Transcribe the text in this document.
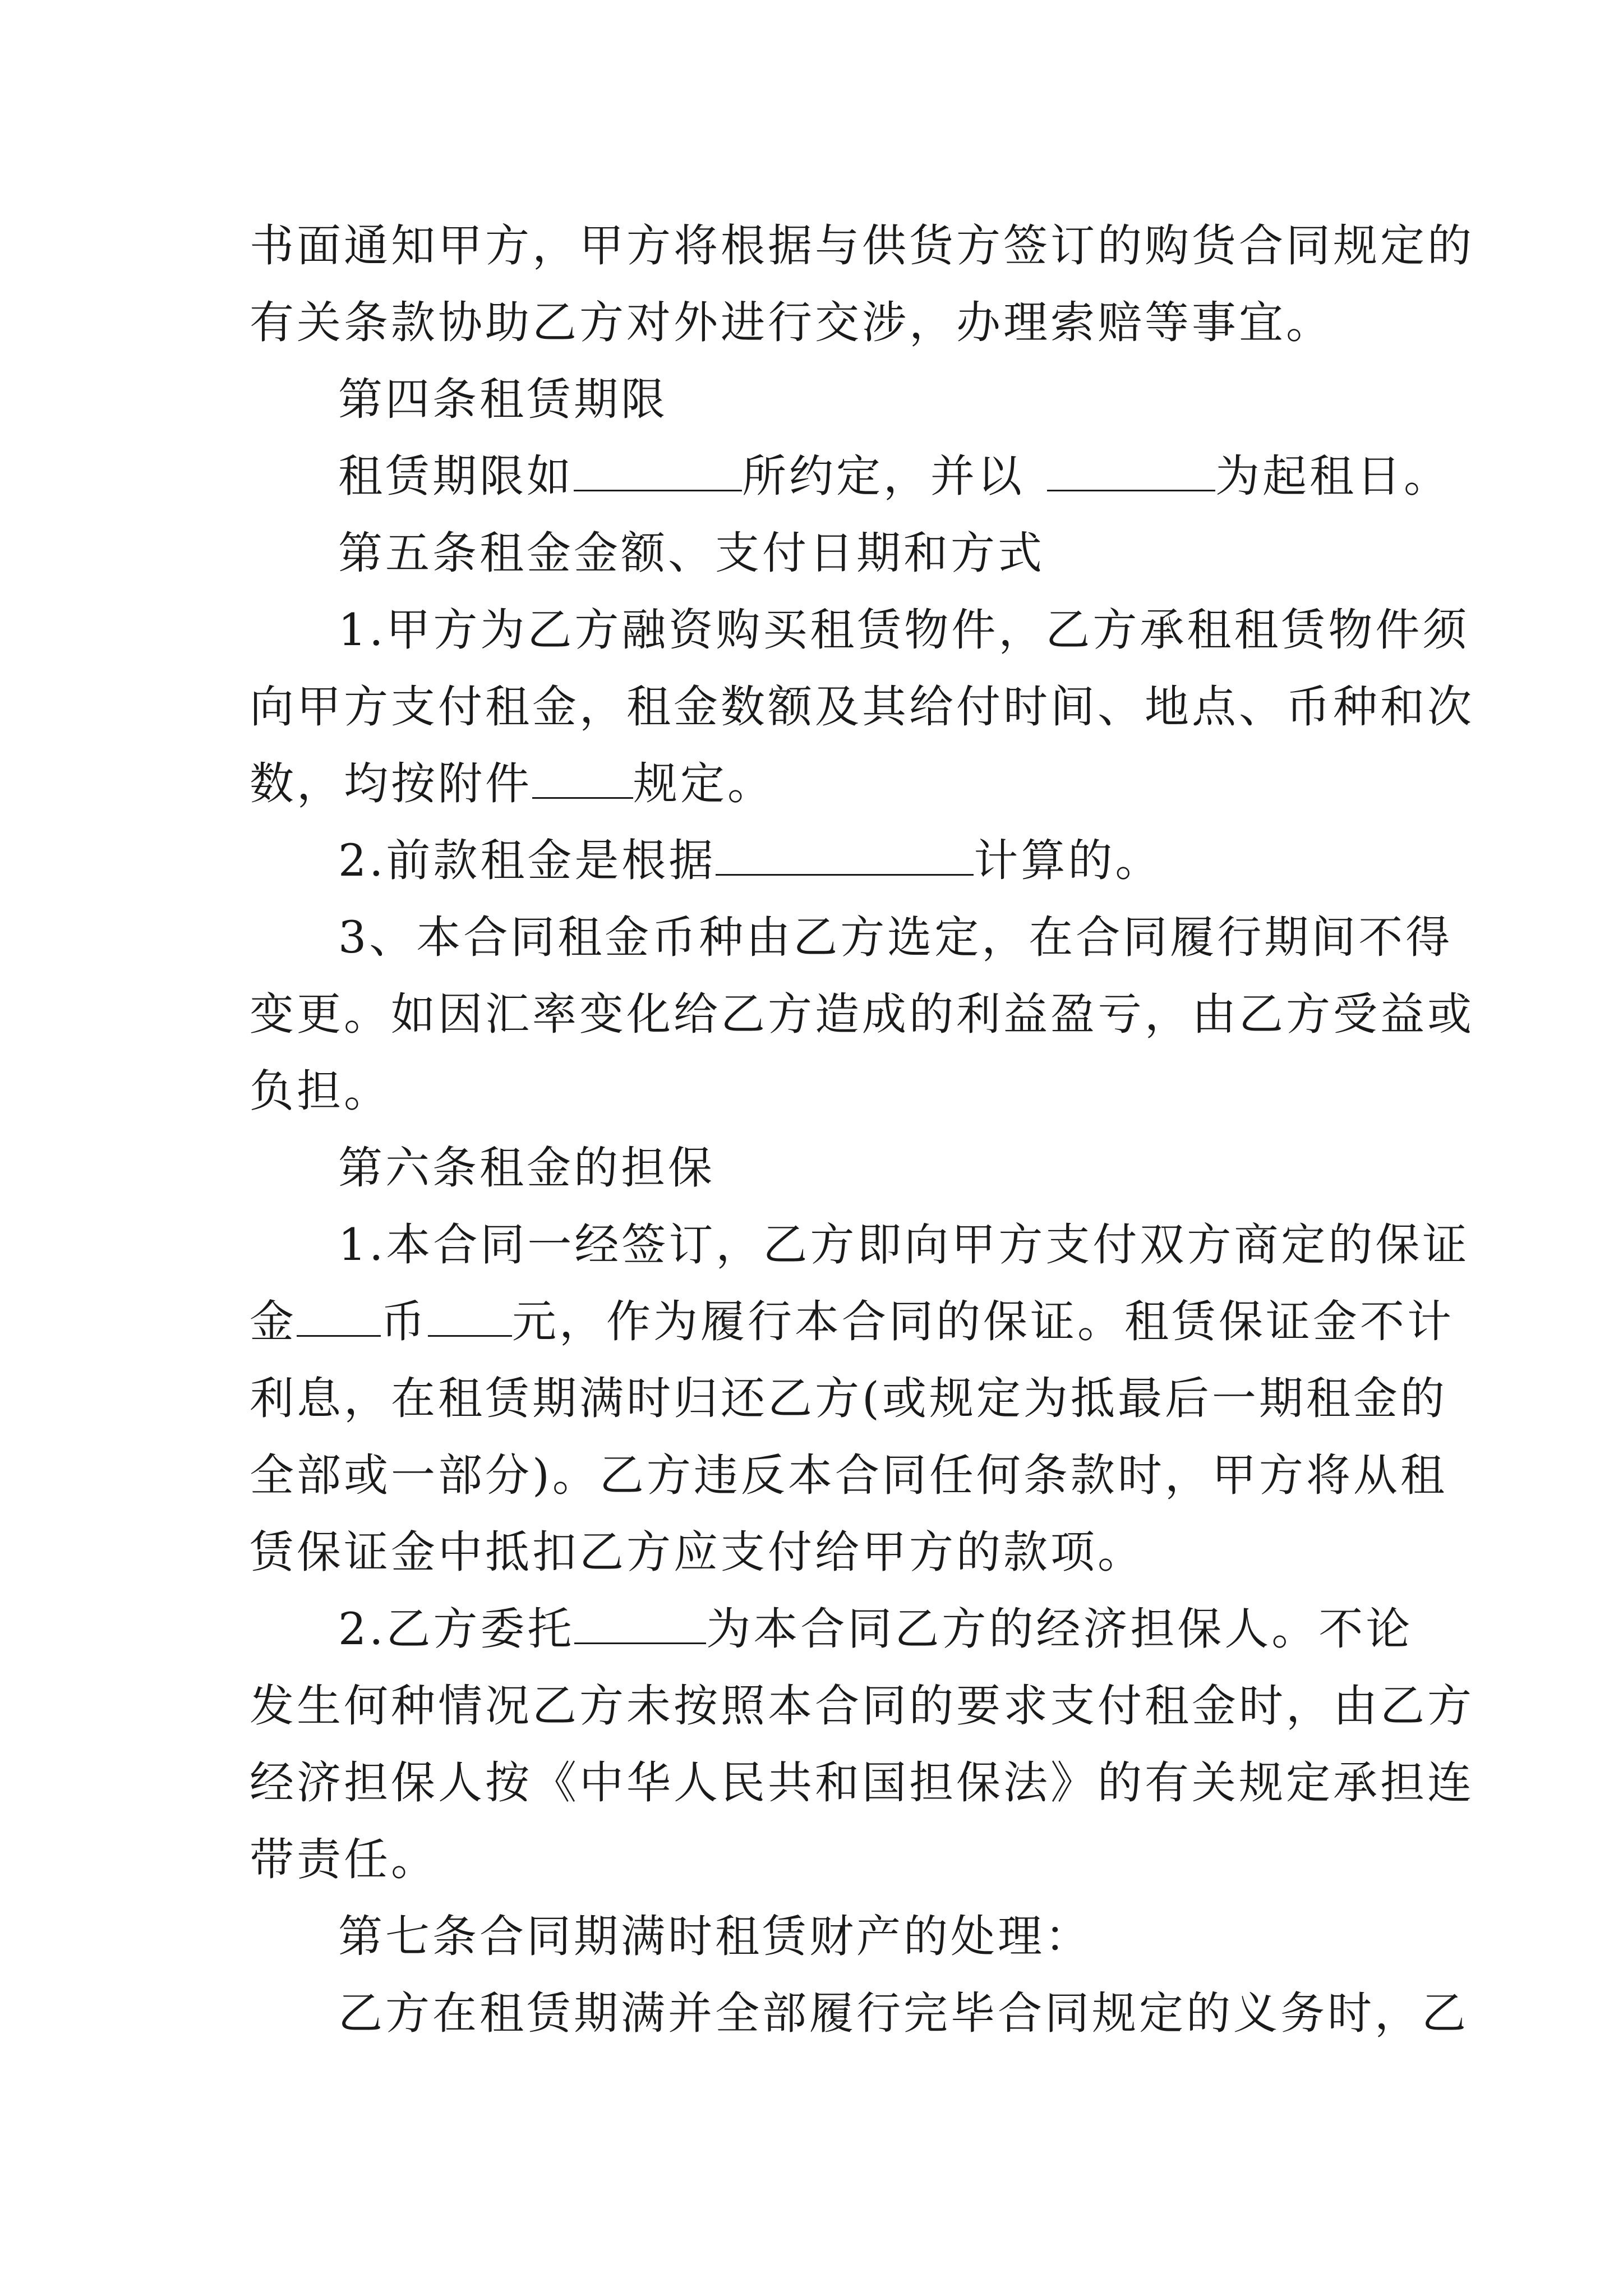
书面通知甲方，甲方将根据与供货方签订的购货合同规定的
有关条款协助乙方对外进行交涉，办理索赔等事宜。
第四条租赁期限
租赁期限如	所约定，并以	为起租日。
第五条租金金额、支付日期和方式
1.甲方为乙方融资购买租赁物件，乙方承租租赁物件须
向甲方支付租金，租金数额及其给付时间、地点、币种和次
数，均按附件 规定。
2.前款租金是根据	计算的。
3、本合同租金币种由乙方选定，在合同履行期间不得
变更。如因汇率变化给乙方造成的利益盈亏，由乙方受益或
负担。
第六条租金的担保
1.本合同一经签订，乙方即向甲方支付双方商定的保证
金 币 元，作为履行本合同的保证。租赁保证金不计
利息，在租赁期满时归还乙方(或规定为抵最后一期租金的
全部或一部分)。乙方违反本合同任何条款时，甲方将从租
赁保证金中抵扣乙方应支付给甲方的款项。
2.乙方委托	为本合同乙方的经济担保人。不论
发生何种情况乙方未按照本合同的要求支付租金时，由乙方
经济担保人按《中华人民共和国担保法》的有关规定承担连
带责任。
第七条合同期满时租赁财产的处理：
乙方在租赁期满并全部履行完毕合同规定的义务时，乙
